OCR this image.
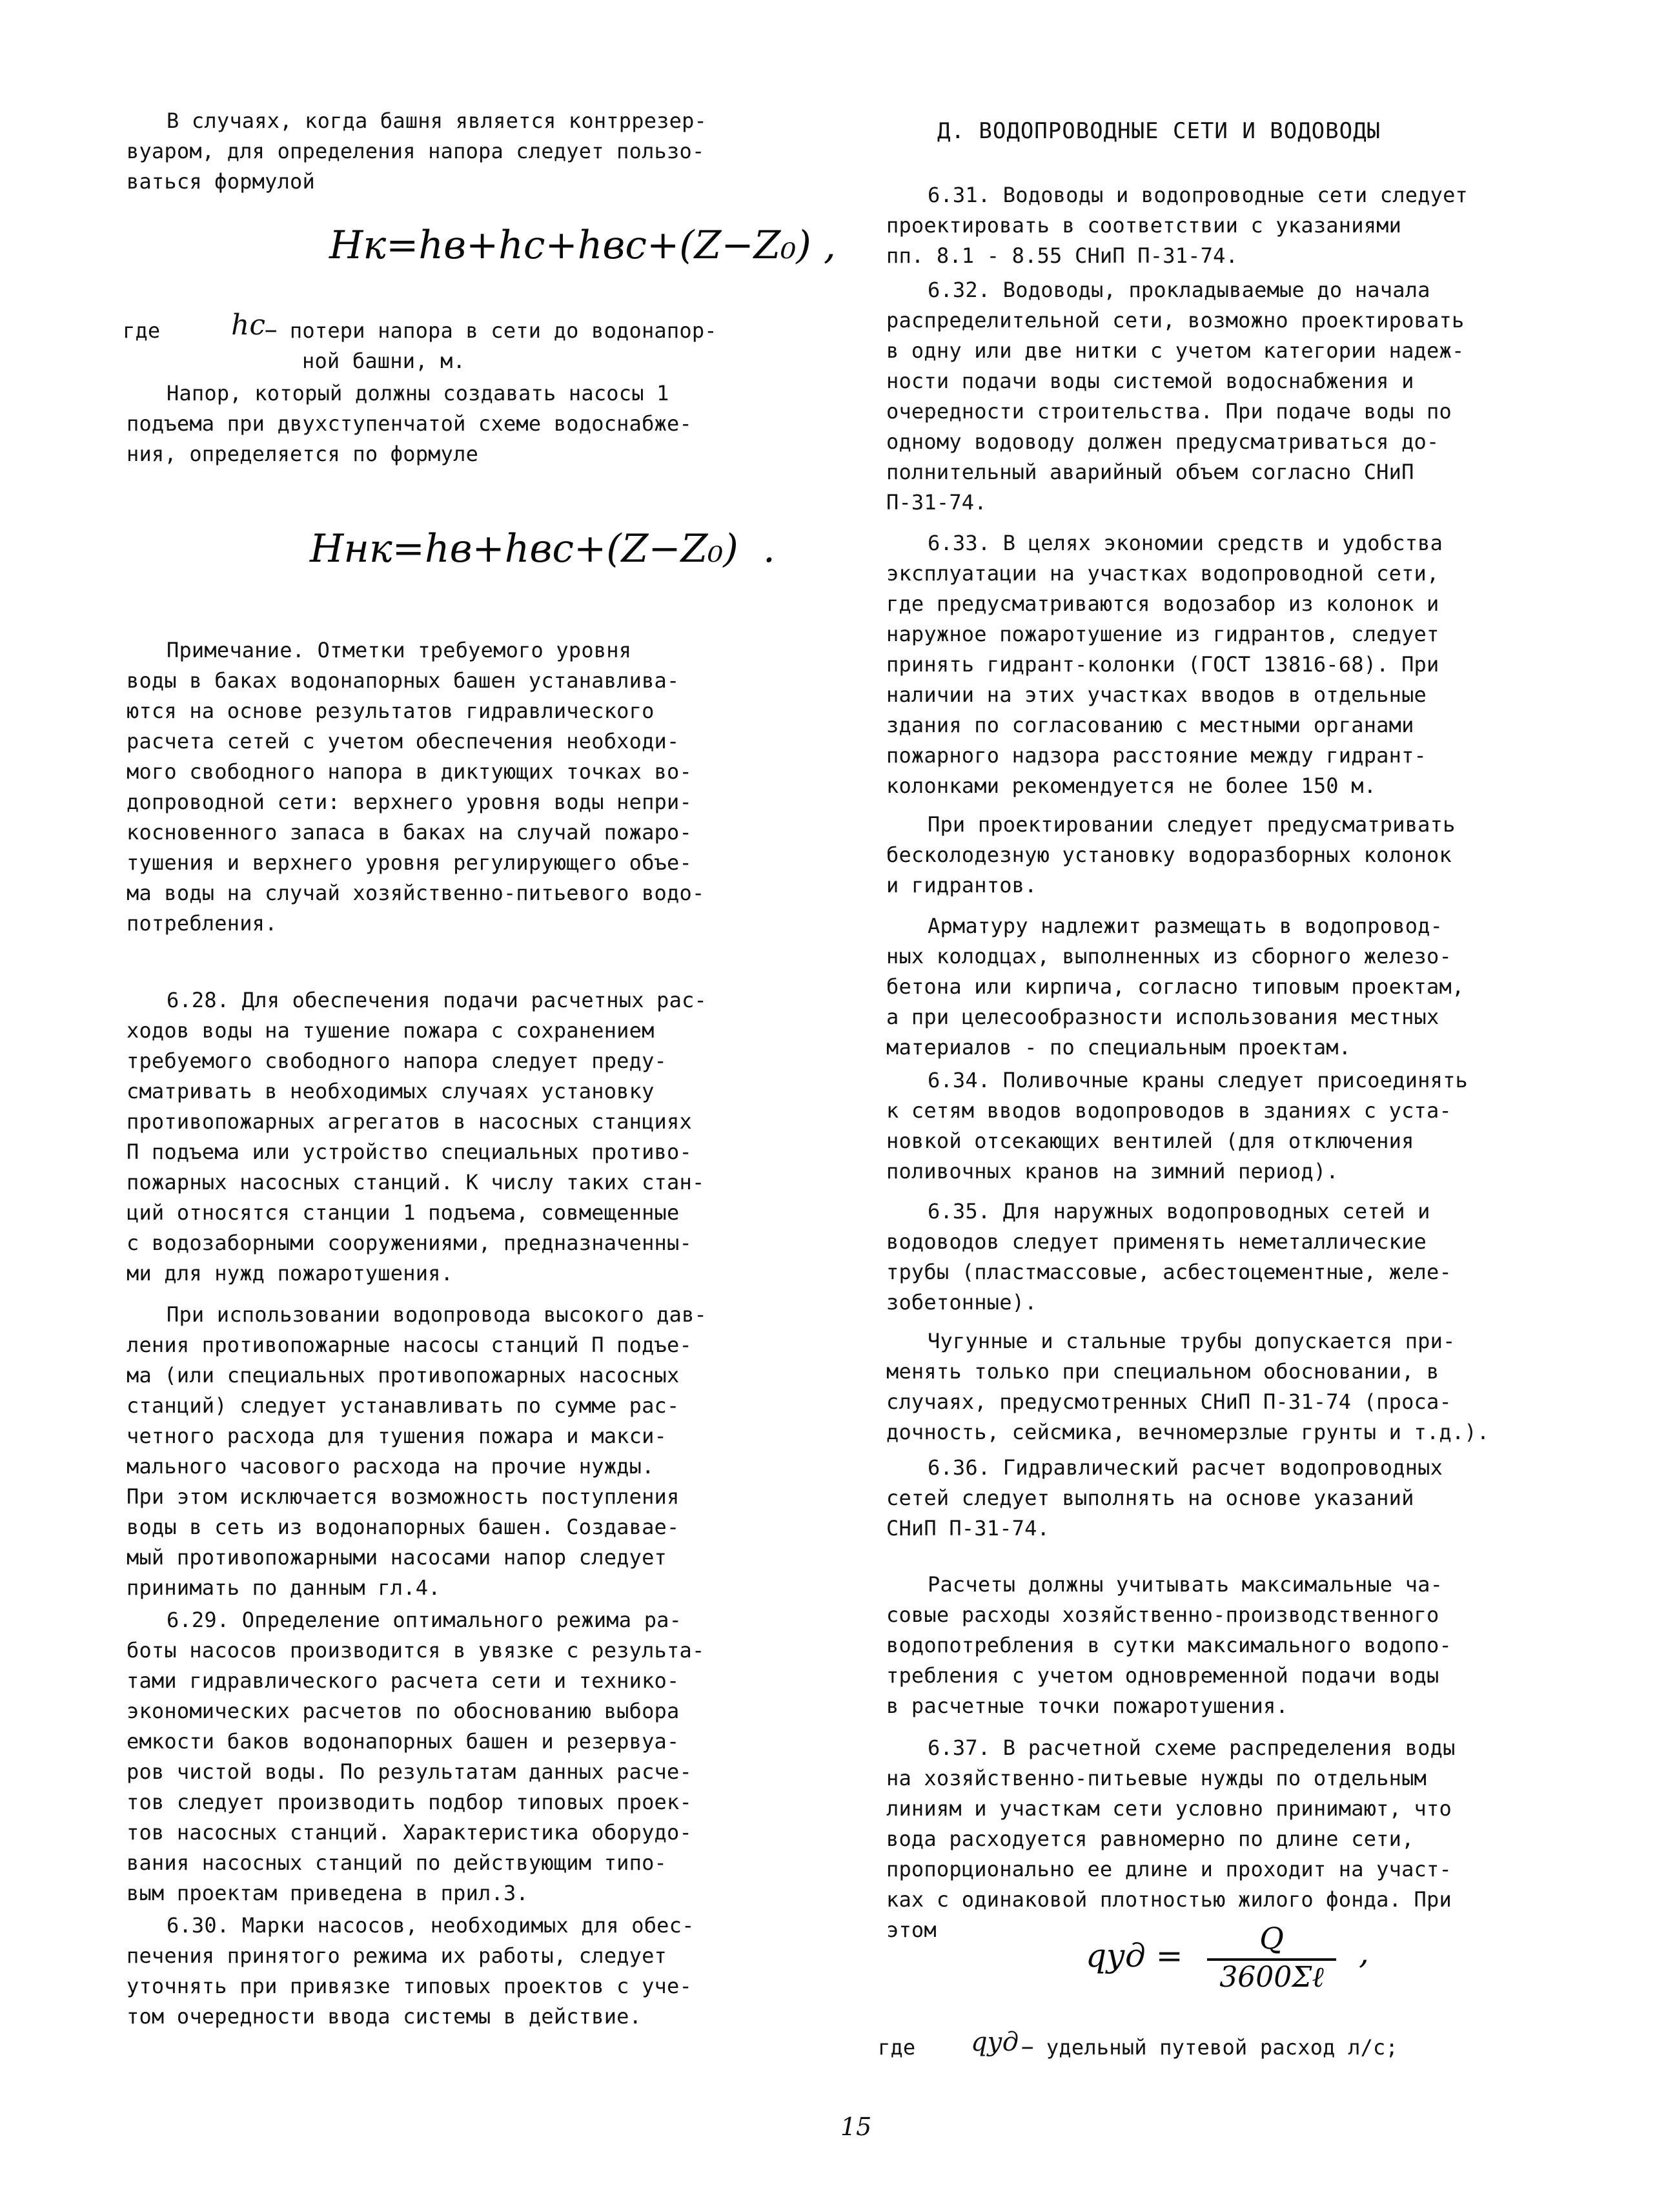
В случаях, когда башня является контррезер-
вуаром, для определения напора следует пользо-
ваться формулой
Hк=hв+hс+hвс+(Z−Z₀) ,
где hс − потери напора в сети до водонапор-
ной башни, м.
Напор, который должны создавать насосы 1
подъема при двухступенчатой схеме водоснабже-
ния, определяется по формуле
Hнк=hв+hвс+(Z−Z₀)  .
Примечание. Отметки требуемого уровня
воды в баках водонапорных башен устанавлива-
ются на основе результатов гидравлического
расчета сетей с учетом обеспечения необходи-
мого свободного напора в диктующих точках во-
допроводной сети: верхнего уровня воды непри-
косновенного запаса в баках на случай пожаро-
тушения и верхнего уровня регулирующего объе-
ма воды на случай хозяйственно-питьевого водо-
потребления.
6.28. Для обеспечения подачи расчетных рас-
ходов воды на тушение пожара с сохранением
требуемого свободного напора следует преду-
сматривать в необходимых случаях установку
противопожарных агрегатов в насосных станциях
П подъема или устройство специальных противо-
пожарных насосных станций. К числу таких стан-
ций относятся станции 1 подъема, совмещенные
с водозаборными сооружениями, предназначенны-
ми для нужд пожаротушения.
При использовании водопровода высокого дав-
ления противопожарные насосы станций П подъе-
ма (или специальных противопожарных насосных
станций) следует устанавливать по сумме рас-
четного расхода для тушения пожара и макси-
мального часового расхода на прочие нужды.
При этом исключается возможность поступления
воды в сеть из водонапорных башен. Создавае-
мый противопожарными насосами напор следует
принимать по данным гл.4.
6.29. Определение оптимального режима ра-
боты насосов производится в увязке с результа-
тами гидравлического расчета сети и технико-
экономических расчетов по обоснованию выбора
емкости баков водонапорных башен и резервуа-
ров чистой воды. По результатам данных расче-
тов следует производить подбор типовых проек-
тов насосных станций. Характеристика оборудо-
вания насосных станций по действующим типо-
вым проектам приведена в прил.3.
6.30. Марки насосов, необходимых для обес-
печения принятого режима их работы, следует
уточнять при привязке типовых проектов с уче-
том очередности ввода системы в действие.
Д. ВОДОПРОВОДНЫЕ СЕТИ И ВОДОВОДЫ
6.31. Водоводы и водопроводные сети следует
проектировать в соответствии с указаниями
пп. 8.1 - 8.55 СНиП П-31-74.
6.32. Водоводы, прокладываемые до начала
распределительной сети, возможно проектировать
в одну или две нитки с учетом категории надеж-
ности подачи воды системой водоснабжения и
очередности строительства. При подаче воды по
одному водоводу должен предусматриваться до-
полнительный аварийный объем согласно СНиП
П-31-74.
6.33. В целях экономии средств и удобства
эксплуатации на участках водопроводной сети,
где предусматриваются водозабор из колонок и
наружное пожаротушение из гидрантов, следует
принять гидрант-колонки (ГОСТ 13816-68). При
наличии на этих участках вводов в отдельные
здания по согласованию с местными органами
пожарного надзора расстояние между гидрант-
колонками рекомендуется не более 150 м.
При проектировании следует предусматривать
бесколодезную установку водоразборных колонок
и гидрантов.
Арматуру надлежит размещать в водопровод-
ных колодцах, выполненных из сборного железо-
бетона или кирпича, согласно типовым проектам,
а при целесообразности использования местных
материалов - по специальным проектам.
6.34. Поливочные краны следует присоединять
к сетям вводов водопроводов в зданиях с уста-
новкой отсекающих вентилей (для отключения
поливочных кранов на зимний период).
6.35. Для наружных водопроводных сетей и
водоводов следует применять неметаллические
трубы (пластмассовые, асбестоцементные, желе-
зобетонные).
Чугунные и стальные трубы допускается при-
менять только при специальном обосновании, в
случаях, предусмотренных СНиП П-31-74 (проса-
дочность, сейсмика, вечномерзлые грунты и т.д.).
6.36. Гидравлический расчет водопроводных
сетей следует выполнять на основе указаний
СНиП П-31-74.
Расчеты должны учитывать максимальные ча-
совые расходы хозяйственно-производственного
водопотребления в сутки максимального водопо-
требления с учетом одновременной подачи воды
в расчетные точки пожаротушения.
6.37. В расчетной схеме распределения воды
на хозяйственно-питьевые нужды по отдельным
линиям и участкам сети условно принимают, что
вода расходуется равномерно по длине сети,
пропорционально ее длине и проходит на участ-
ках с одинаковой плотностью жилого фонда. При
этом
qуд =	Q
3600Σℓ
,
где qуд − удельный путевой расход л/с;
15
